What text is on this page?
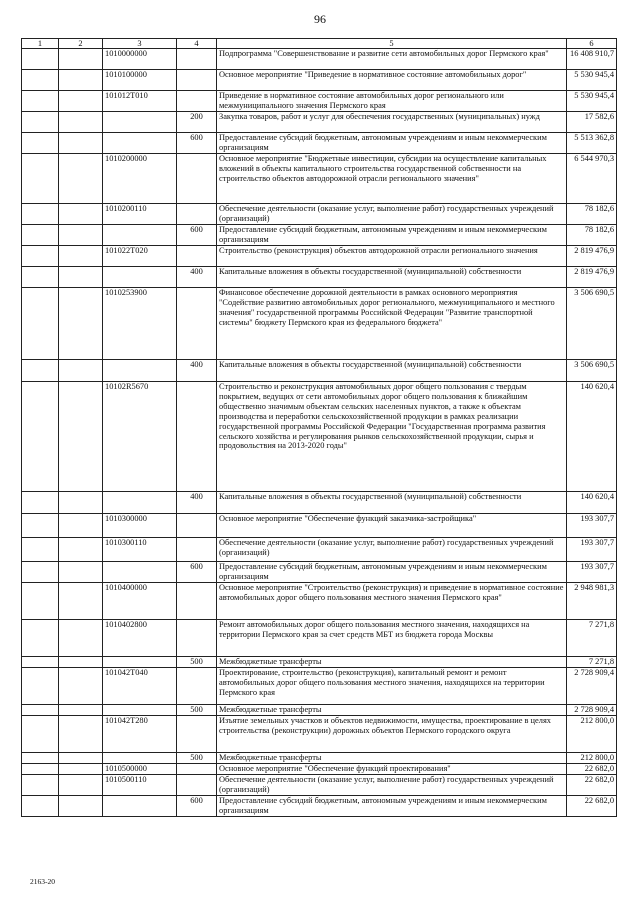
96
1	2	3	4	5	6
		1010000000		Подпрограмма "Совершенствование и развитие сети автомобильных дорог Пермского края"	16 408 910,7
		1010100000		Основное мероприятие "Приведение в нормативное состояние автомобильных дорог"	5 530 945,4
		101012T010		Приведение в нормативное состояние автомобильных дорог регионального или межмуниципального значения Пермского края	5 530 945,4
			200	Закупка товаров, работ и услуг для обеспечения государственных (муниципальных) нужд	17 582,6
			600	Предоставление субсидий бюджетным, автономным учреждениям и иным некоммерческим организациям	5 513 362,8
		1010200000		Основное мероприятие "Бюджетные инвестиции, субсидии на осуществление капитальных вложений в объекты капитального строительства государственной собственности на строительство объектов автодорожной отрасли регионального значения"	6 544 970,3
		1010200110		Обеспечение деятельности (оказание услуг, выполнение работ) государственных учреждений (организаций)	78 182,6
			600	Предоставление субсидий бюджетным, автономным учреждениям и иным некоммерческим организациям	78 182,6
		101022T020		Строительство (реконструкция) объектов автодорожной отрасли регионального значения	2 819 476,9
			400	Капитальные вложения в объекты государственной (муниципальной) собственности	2 819 476,9
		1010253900		Финансовое обеспечение дорожной деятельности в рамках основного мероприятия "Содействие развитию автомобильных дорог регионального, межмуниципального и местного значения" государственной программы Российской Федерации "Развитие транспортной системы" бюджету Пермского края из федерального бюджета"	3 506 690,5
			400	Капитальные вложения в объекты государственной (муниципальной) собственности	3 506 690,5
		10102R5670		Строительство и реконструкция автомобильных дорог общего пользования с твердым покрытием, ведущих от сети автомобильных дорог общего пользования к ближайшим общественно значимым объектам сельских населенных пунктов, а также к объектам производства и переработки сельскохозяйственной продукции в рамках реализации государственной программы Российской Федерации "Государственная программа развития сельского хозяйства и регулирования рынков сельскохозяйственной продукции, сырья и продовольствия на 2013-2020 годы"	140 620,4
			400	Капитальные вложения в объекты государственной (муниципальной) собственности	140 620,4
		1010300000		Основное мероприятие "Обеспечение функций заказчика-застройщика"	193 307,7
		1010300110		Обеспечение деятельности (оказание услуг, выполнение работ) государственных учреждений (организаций)	193 307,7
			600	Предоставление субсидий бюджетным, автономным учреждениям и иным некоммерческим организациям	193 307,7
		1010400000		Основное мероприятие "Строительство (реконструкция) и приведение в нормативное состояние автомобильных дорог общего пользования местного значения Пермского края"	2 948 981,3
		1010402800		Ремонт автомобильных дорог общего пользования местного значения, находящихся на территории Пермского края за счет средств МБТ из бюджета города Москвы	7 271,8
			500	Межбюджетные трансферты	7 271,8
		101042T040		Проектирование, строительство (реконструкция), капитальный ремонт и ремонт автомобильных дорог общего пользования местного значения, находящихся на территории Пермского края	2 728 909,4
			500	Межбюджетные трансферты	2 728 909,4
		101042T280		Изъятие земельных участков и объектов недвижимости, имущества, проектирование в целях строительства (реконструкции) дорожных объектов Пермского городского округа	212 800,0
			500	Межбюджетные трансферты	212 800,0
		1010500000		Основное мероприятие "Обеспечение функций проектирования"	22 682,0
		1010500110		Обеспечение деятельности (оказание услуг, выполнение работ) государственных учреждений (организаций)	22 682,0
			600	Предоставление субсидий бюджетным, автономным учреждениям и иным некоммерческим организациям	22 682,0
2163-20
